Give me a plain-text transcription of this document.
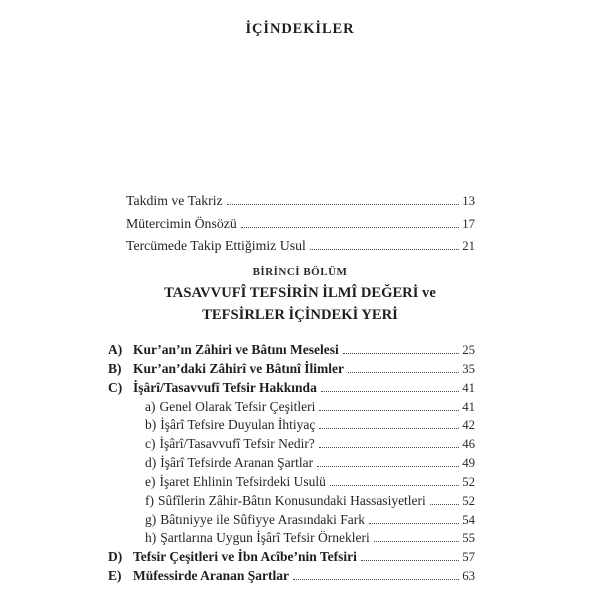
İÇİNDEKİLER
Takdim ve Takriz	13
Mütercimin Önsözü	17
Tercümede Takip Ettiğimiz Usul	21
BİRİNCİ BÖLÜM
TASAVVUFÎ TEFSİRİN İLMÎ DEĞERİ ve
TEFSİRLER İÇİNDEKİ YERİ
A) Kur’an’ın Zâhiri ve Bâtını Meselesi	25
B) Kur’an’daki Zâhirî ve Bâtınî İlimler	35
C) İşârî/Tasavvufî Tefsir Hakkında	41
a) Genel Olarak Tefsir Çeşitleri	41
b) İşârî Tefsire Duyulan İhtiyaç	42
c) İşârî/Tasavvufî Tefsir Nedir?	46
d) İşârî Tefsirde Aranan Şartlar	49
e) İşaret Ehlinin Tefsirdeki Usulü	52
f) Sûfîlerin Zâhir-Bâtın Konusundaki Hassasiyetleri	52
g) Bâtıniyye ile Sûfiyye Arasındaki Fark	54
h) Şartlarına Uygun İşârî Tefsir Örnekleri	55
D) Tefsir Çeşitleri ve İbn Acîbe’nin Tefsiri	57
E) Müfessirde Aranan Şartlar	63
